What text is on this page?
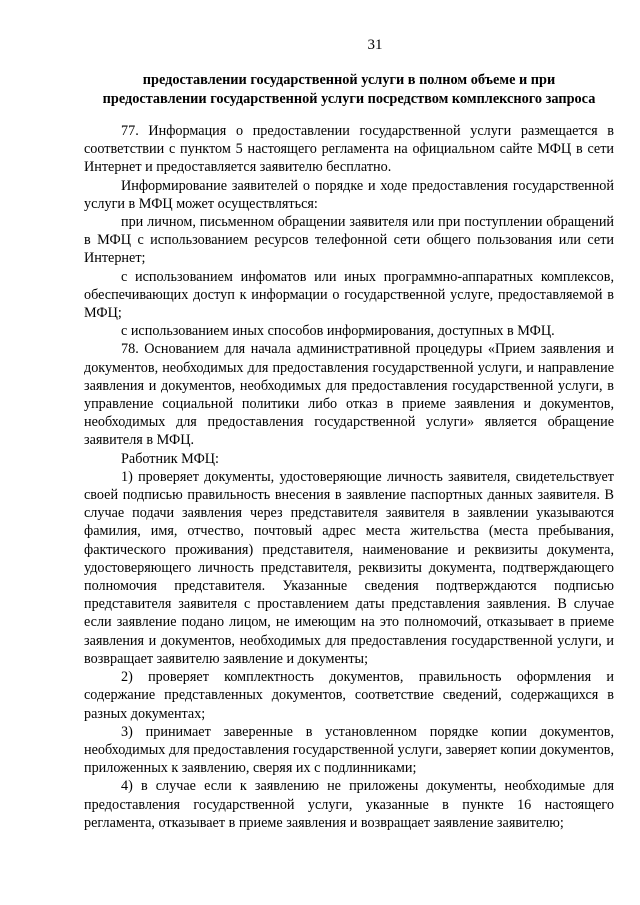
31
предоставлении государственной услуги в полном объеме и при
предоставлении государственной услуги посредством комплексного запроса

77. Информация о предоставлении государственной услуги размещается в соответствии с пунктом 5 настоящего регламента на официальном сайте МФЦ в сети Интернет и предоставляется заявителю бесплатно.

Информирование заявителей о порядке и ходе предоставления государственной услуги в МФЦ может осуществляться:

при личном, письменном обращении заявителя или при поступлении обращений в МФЦ с использованием ресурсов телефонной сети общего пользования или сети Интернет;

с использованием инфоматов или иных программно-аппаратных комплексов, обеспечивающих доступ к информации о государственной услуге, предоставляемой в МФЦ;

с использованием иных способов информирования, доступных в МФЦ.

78. Основанием для начала административной процедуры «Прием заявления и документов, необходимых для предоставления государственной услуги, и направление заявления и документов, необходимых для предоставления государственной услуги, в управление социальной политики либо отказ в приеме заявления и документов, необходимых для предоставления государственной услуги» является обращение заявителя в МФЦ.

Работник МФЦ:

1) проверяет документы, удостоверяющие личность заявителя, свидетельствует своей подписью правильность внесения в заявление паспортных данных заявителя. В случае подачи заявления через представителя заявителя в заявлении указываются фамилия, имя, отчество, почтовый адрес места жительства (места пребывания, фактического проживания) представителя, наименование и реквизиты документа, удостоверяющего личность представителя, реквизиты документа, подтверждающего полномочия представителя. Указанные сведения подтверждаются подписью представителя заявителя с проставлением даты представления заявления. В случае если заявление подано лицом, не имеющим на это полномочий, отказывает в приеме заявления и документов, необходимых для предоставления государственной услуги, и возвращает заявителю заявление и документы;

2) проверяет комплектность документов, правильность оформления и содержание представленных документов, соответствие сведений, содержащихся в разных документах;

3) принимает заверенные в установленном порядке копии документов, необходимых для предоставления государственной услуги, заверяет копии документов, приложенных к заявлению, сверяя их с подлинниками;

4) в случае если к заявлению не приложены документы, необходимые для предоставления государственной услуги, указанные в пункте 16 настоящего регламента, отказывает в приеме заявления и возвращает заявление заявителю;
